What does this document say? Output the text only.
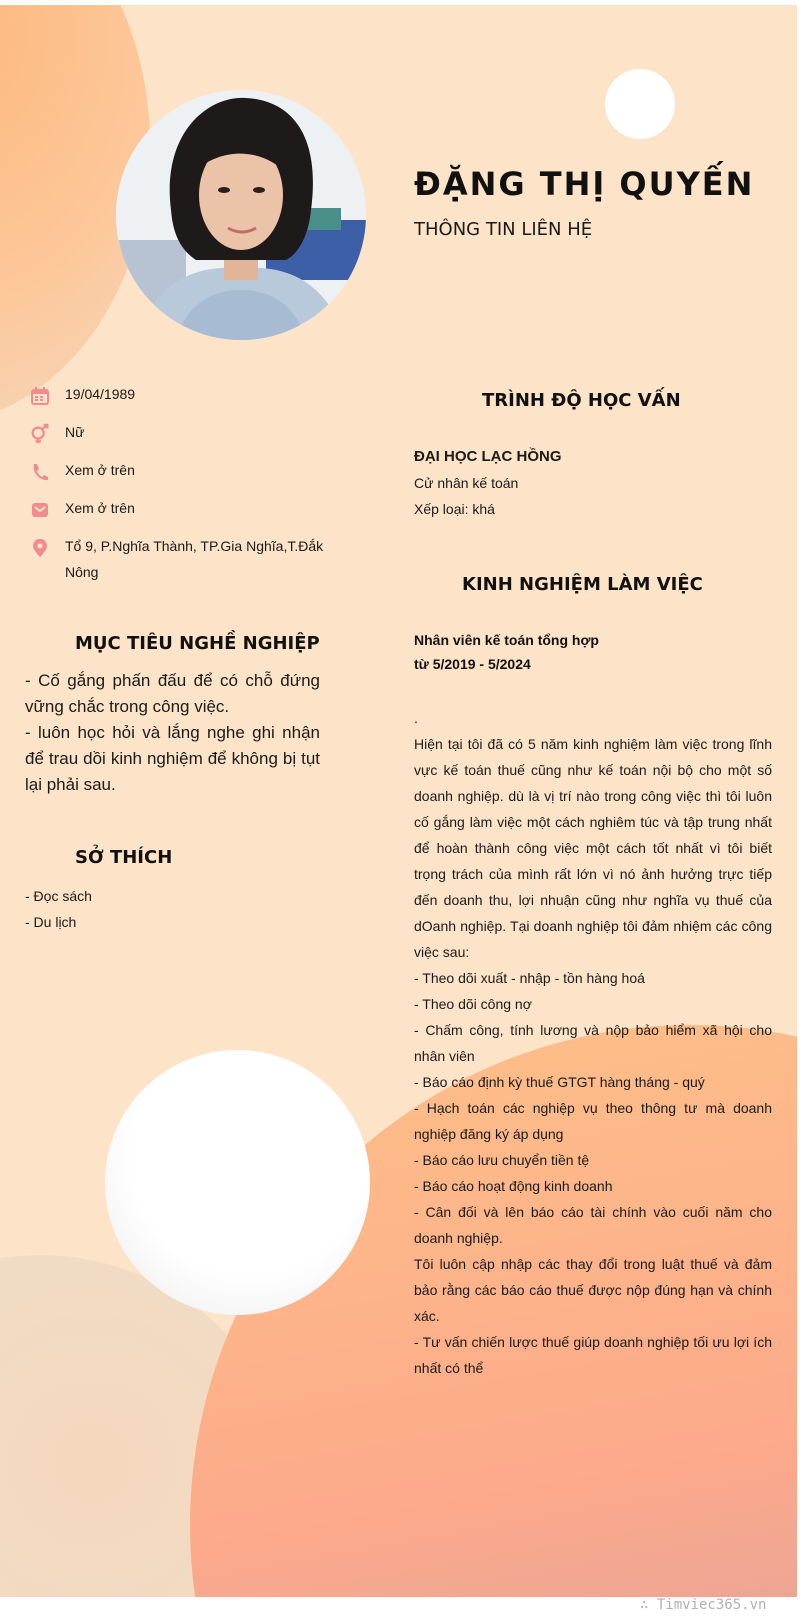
ĐẶNG THỊ QUYẾN
THÔNG TIN LIÊN HỆ
19/04/1989
Nữ
Xem ở trên
Xem ở trên
Tổ 9, P.Nghĩa Thành, TP.Gia Nghĩa,T.Đắk Nông
MỤC TIÊU NGHỀ NGHIỆP

- Cố gắng phấn đấu để có chỗ đứng vững chắc trong công việc.

- luôn học hỏi và lắng nghe ghi nhận để trau dồi kinh nghiệm để không bị tụt lại phải sau.

SỞ THÍCH
- Đọc sách
- Du lịch
TRÌNH ĐỘ HỌC VẤN
ĐẠI HỌC LẠC HỒNG
Cử nhân kế toán
Xếp loại: khá
KINH NGHIỆM LÀM VIỆC
Nhân viên kế toán tổng hợp
từ 5/2019 - 5/2024
.
Hiện tại tôi đã có 5 năm kinh nghiệm làm việc trong lĩnh vực kế toán thuế cũng như kế toán nội bộ cho một số doanh nghiệp. dù là vị trí nào trong công việc thì tôi luôn cố gắng làm việc một cách nghiêm túc và tập trung nhất để hoàn thành công việc một cách tốt nhất vì tôi biết trọng trách của mình rất lớn vì nó ảnh hưởng trực tiếp đến doanh thu, lợi nhuận cũng như nghĩa vụ thuế của dOanh nghiệp. Tại doanh nghiệp tôi đảm nhiệm các công việc sau:
- Theo dõi xuất - nhập - tồn hàng hoá
- Theo dõi công nợ
- Chấm công, tính lương và nộp bảo hiểm xã hội cho nhân viên
- Báo cáo định kỳ thuế GTGT hàng tháng - quý
- Hạch toán các nghiệp vụ theo thông tư mà doanh nghiệp đăng ký áp dụng
- Báo cáo lưu chuyển tiền tệ
- Báo cáo hoạt động kinh doanh
- Cân đối và lên báo cáo tài chính vào cuối năm cho doanh nghiệp.
Tôi luôn cập nhập các thay đổi trong luật thuế và đảm bảo rằng các báo cáo thuế được nộp đúng hạn và chính xác.
- Tư vấn chiến lược thuế giúp doanh nghiệp tối ưu lợi ích nhất có thể
∴ Timviec365.vn
